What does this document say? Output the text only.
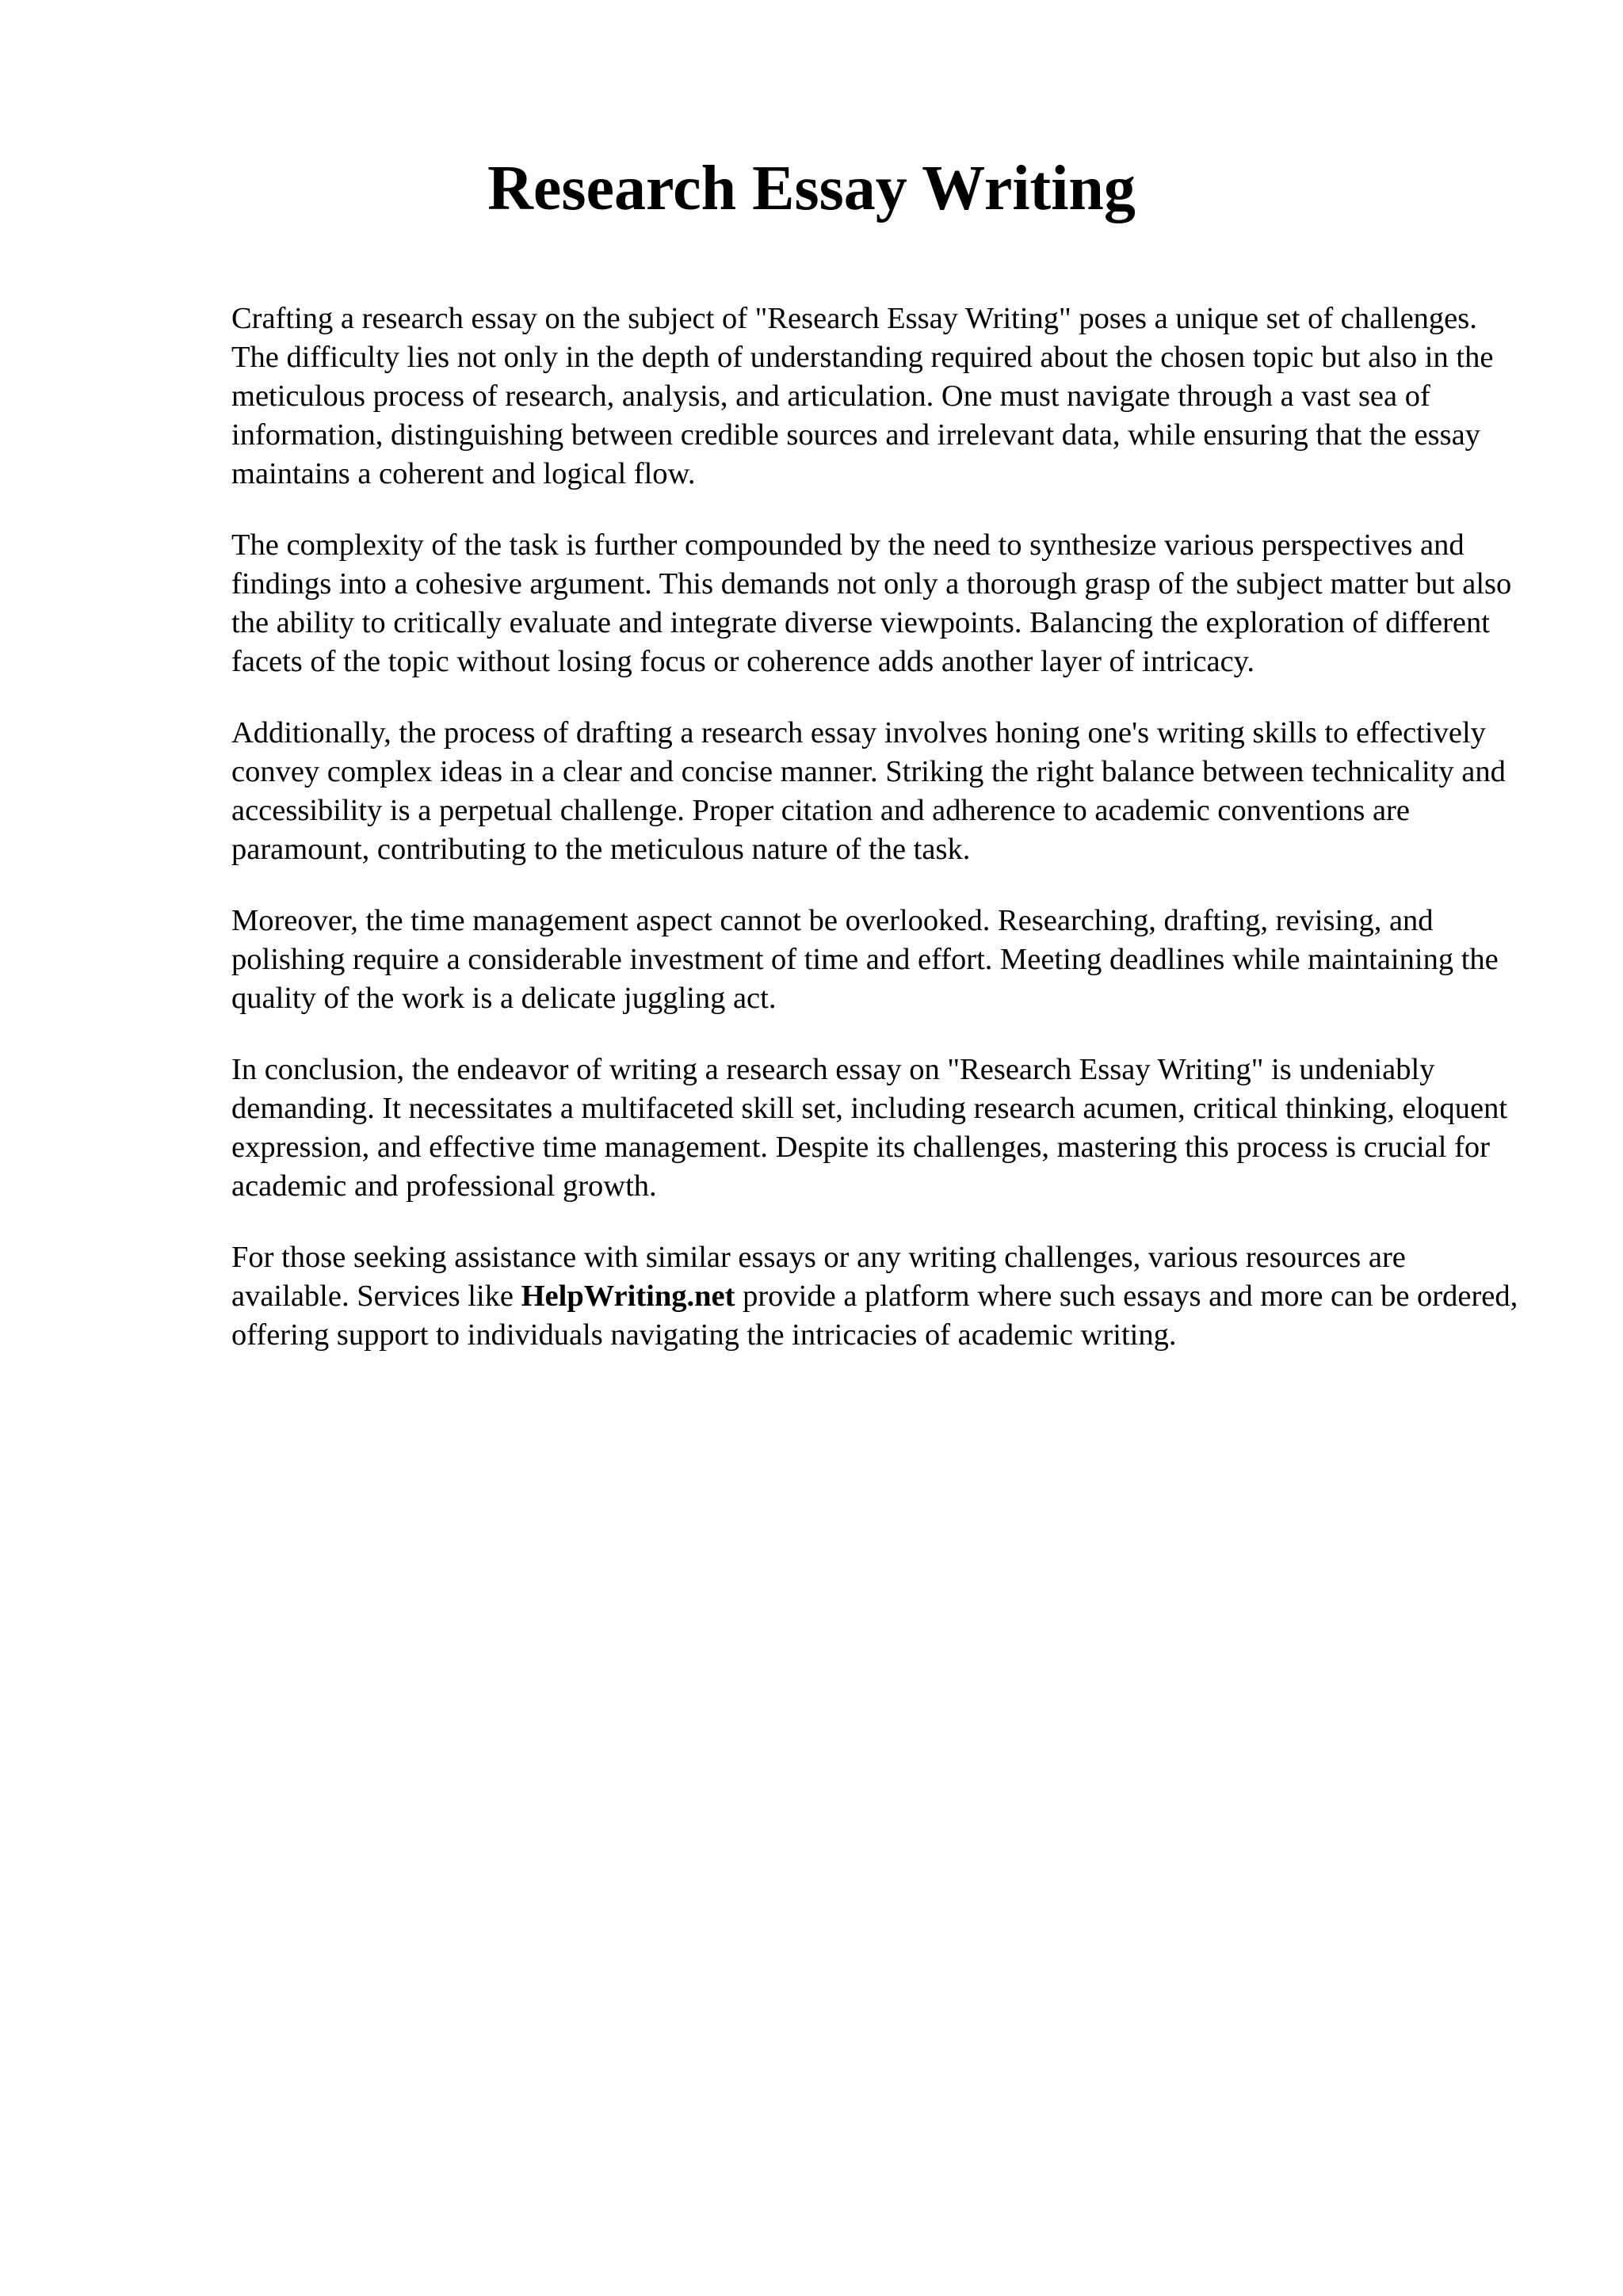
Research Essay Writing

Crafting a research essay on the subject of "Research Essay Writing" poses a unique set of challenges. The difficulty lies not only in the depth of understanding required about the chosen topic but also in the meticulous process of research, analysis, and articulation. One must navigate through a vast sea of information, distinguishing between credible sources and irrelevant data, while ensuring that the essay maintains a coherent and logical flow.

The complexity of the task is further compounded by the need to synthesize various perspectives and findings into a cohesive argument. This demands not only a thorough grasp of the subject matter but also the ability to critically evaluate and integrate diverse viewpoints. Balancing the exploration of different facets of the topic without losing focus or coherence adds another layer of intricacy.

Additionally, the process of drafting a research essay involves honing one's writing skills to effectively convey complex ideas in a clear and concise manner. Striking the right balance between technicality and accessibility is a perpetual challenge. Proper citation and adherence to academic conventions are paramount, contributing to the meticulous nature of the task.

Moreover, the time management aspect cannot be overlooked. Researching, drafting, revising, and polishing require a considerable investment of time and effort. Meeting deadlines while maintaining the quality of the work is a delicate juggling act.

In conclusion, the endeavor of writing a research essay on "Research Essay Writing" is undeniably demanding. It necessitates a multifaceted skill set, including research acumen, critical thinking, eloquent expression, and effective time management. Despite its challenges, mastering this process is crucial for academic and professional growth.

For those seeking assistance with similar essays or any writing challenges, various resources are available. Services like HelpWriting.net provide a platform where such essays and more can be ordered, offering support to individuals navigating the intricacies of academic writing.
